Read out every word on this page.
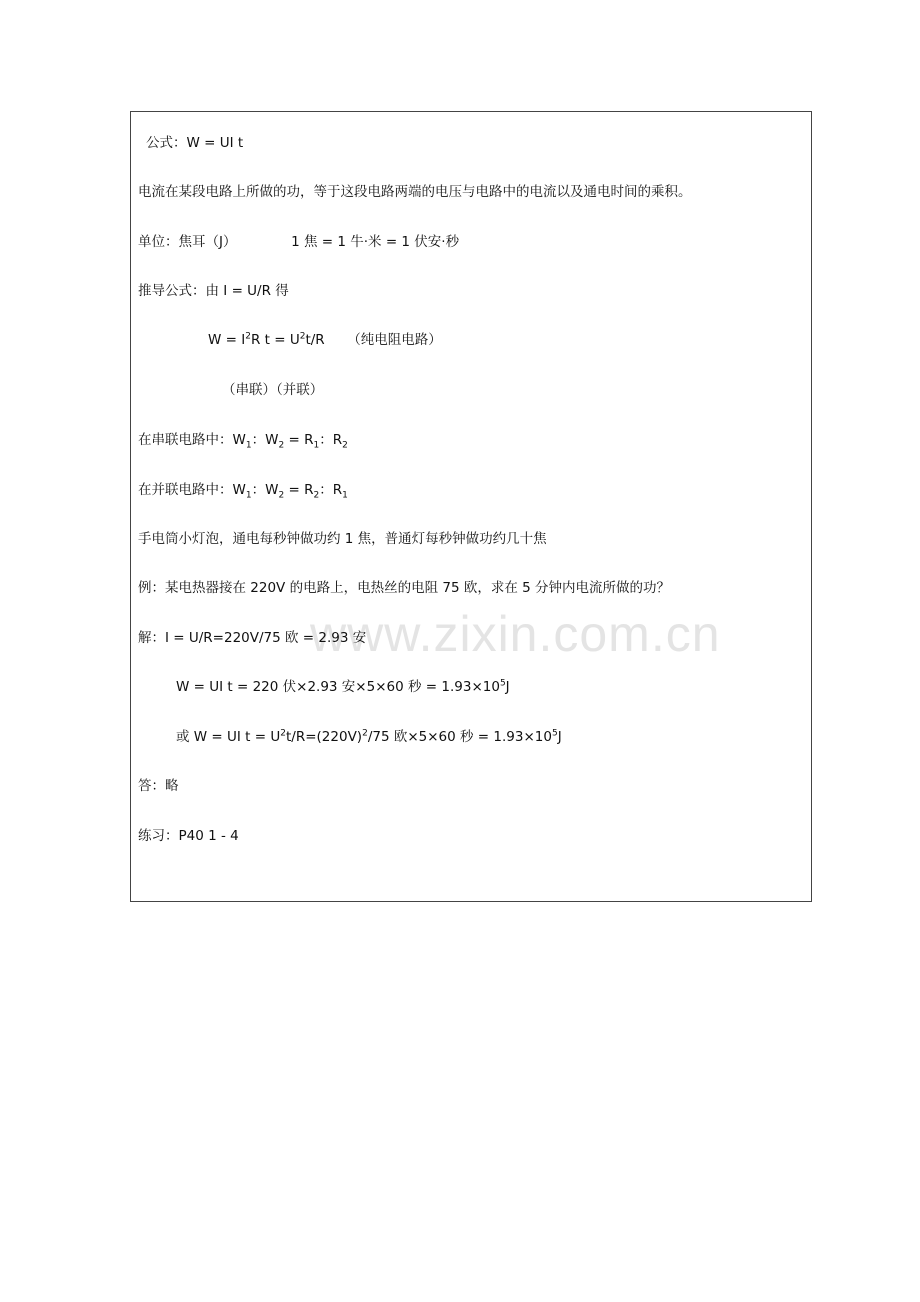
公式：W = UI t
电流在某段电路上所做的功，等于这段电路两端的电压与电路中的电流以及通电时间的乘积。
单位：焦耳（J）	1 焦 = 1 牛·米 = 1 伏安·秒
推导公式：由 I = U/R 得
$W = I^2R$ $t = U^2t/R$ （纯电阻电路）
（串联）（并联）
在串联电路中：$W_1$：$W_2 = R_1$：$R_2$
在并联电路中：$W_1$：$W_2 = R_2$：$R_1$
手电筒小灯泡，通电每秒钟做功约 1 焦，普通灯每秒钟做功约几十焦
例：某电热器接在 220V 的电路上，电热丝的电阻 75 欧，求在 5 分钟内电流所做的功？
www.zixin.com.cn
解：I = U/R=220V/75 欧 = 2.93 安
W = UI t = 220 伏×2.93 安×5×60 秒 = $1.93\times 10^5J$
或 W = UI $t = U^2t/R=(220V)^2/75$ 欧×5×60 秒 = $1.93\times 10^5J$
答：略
练习：P40 1 - 4
